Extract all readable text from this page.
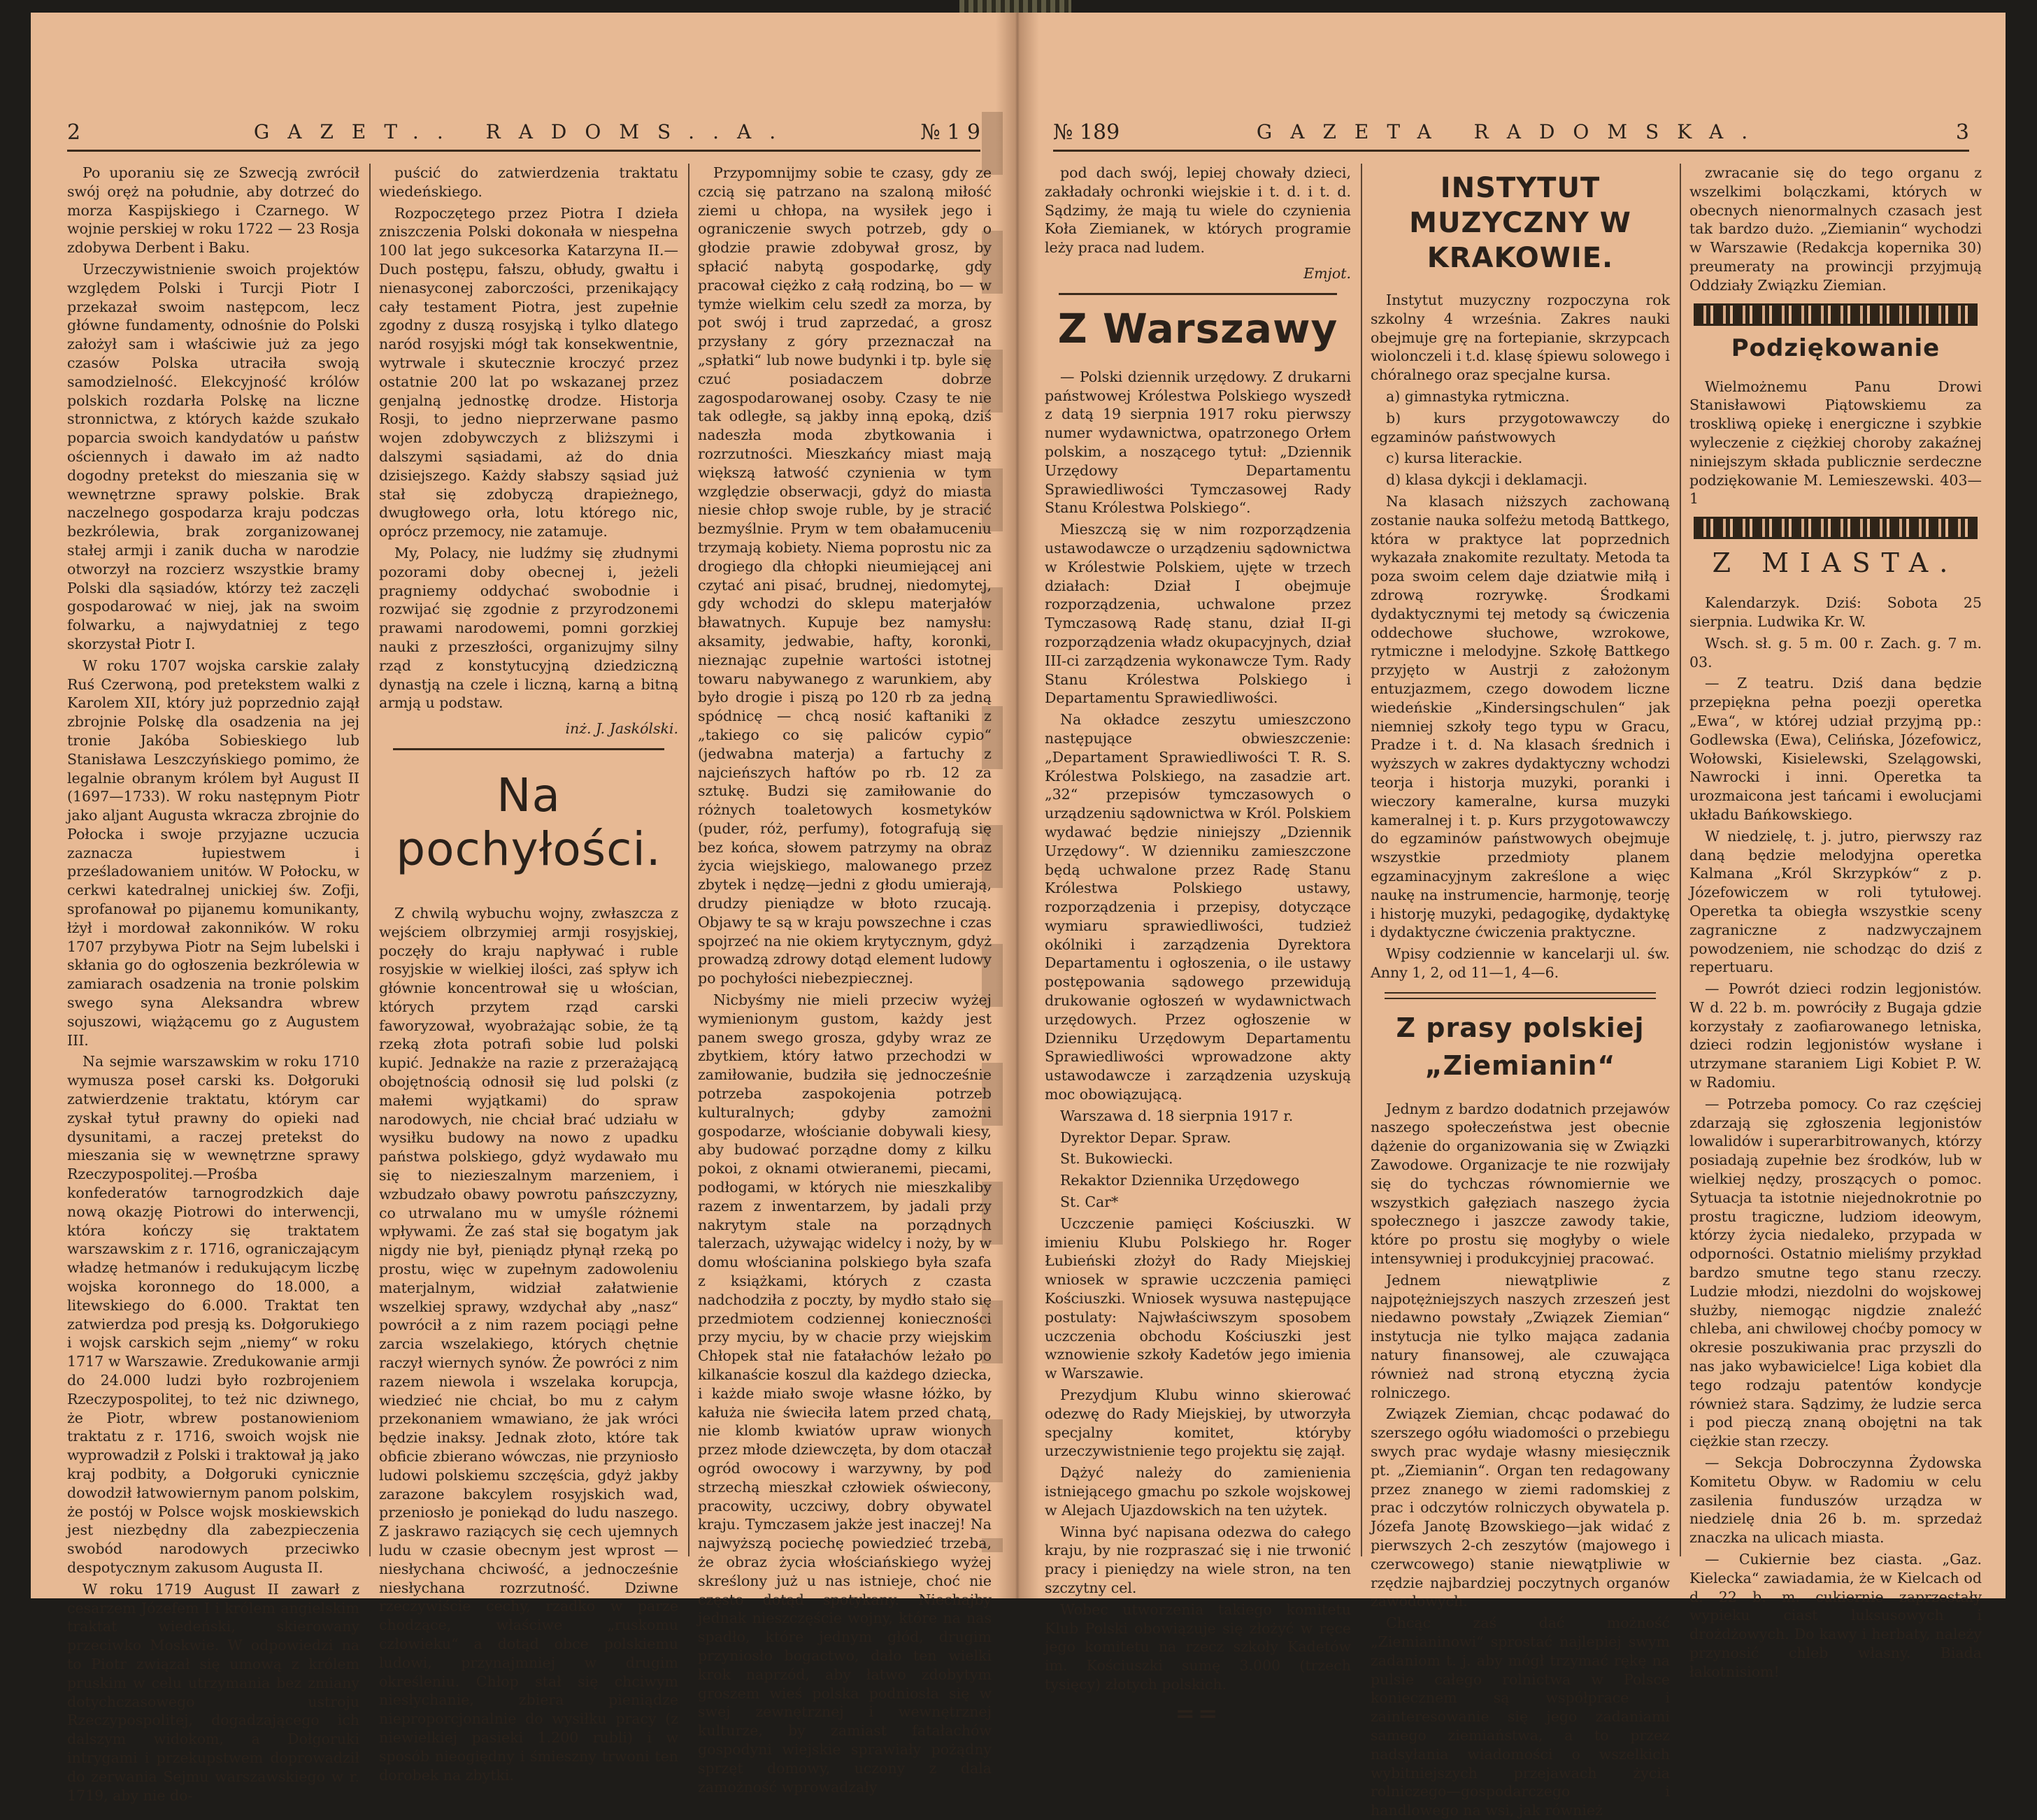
2	GAZET.. RADOMS..A.	№ 1 9

Po uporaniu się ze Szwecją zwrócił swój oręż na południe, aby dotrzeć do morza Kaspijskiego i Czarnego. W wojnie perskiej w roku 1722 — 23 Rosja zdobywa Derbent i Baku.

Urzeczywistnienie swoich projektów względem Polski i Turcji Piotr I przekazał swoim następcom, lecz główne fundamenty, odnośnie do Polski założył sam i właściwie już za jego czasów Polska utraciła swoją samodzielność. Elekcyjność królów polskich rozdarła Polskę na liczne stronnictwa, z których każde szukało poparcia swoich kandydatów u państw ościennych i dawało im aż nadto dogodny pretekst do mieszania się w wewnętrzne sprawy polskie. Brak naczelnego gospodarza kraju podczas bezkrólewia, brak zorganizowanej stałej armji i zanik ducha w narodzie otworzył na rozcierz wszystkie bramy Polski dla sąsiadów, którzy też zaczęli gospodarować w niej, jak na swoim folwarku, a najwydatniej z tego skorzystał Piotr I.

W roku 1707 wojska carskie zalały Ruś Czerwoną, pod pretekstem walki z Karolem XII, który już poprzednio zajął zbrojnie Polskę dla osadzenia na jej tronie Jakóba Sobieskiego lub Stanisława Leszczyńskiego pomimo, że legalnie obranym królem był August II (1697—1733). W roku następnym Piotr jako aljant Augusta wkracza zbrojnie do Połocka i swoje przyjazne uczucia zaznacza łupiestwem i prześladowaniem unitów. W Połocku, w cerkwi katedralnej unickiej św. Zofji, sprofanował po pijanemu komunikanty, łżył i mordował zakonników. W roku 1707 przybywa Piotr na Sejm lubelski i skłania go do ogłoszenia bezkrólewia w zamiarach osadzenia na tronie polskim swego syna Aleksandra wbrew sojuszowi, wiążącemu go z Augustem III.

Na sejmie warszawskim w roku 1710 wymusza poseł carski ks. Dołgoruki zatwierdzenie traktatu, którym car zyskał tytuł prawny do opieki nad dysunitami, a raczej pretekst do mieszania się w wewnętrzne sprawy Rzeczypospolitej.—Prośba konfederatów tarnogrodzkich daje nową okazję Piotrowi do interwencji, która kończy się traktatem warszawskim z r. 1716, ograniczającym władzę hetmanów i redukującym liczbę wojska koronnego do 18.000, a litewskiego do 6.000. Traktat ten zatwierdza pod presją ks. Dołgorukiego i wojsk carskich sejm „niemy“ w roku 1717 w Warszawie. Zredukowanie armji do 24.000 ludzi było rozbrojeniem Rzeczypospolitej, to też nic dziwnego, że Piotr, wbrew postanowieniom traktatu z r. 1716, swoich wojsk nie wyprowadził z Polski i traktował ją jako kraj podbity, a Dołgoruki cynicznie dowodził łatwowiernym panom polskim, że postój w Polsce wojsk moskiewskich jest niezbędny dla zabezpieczenia swobód narodowych przeciwko despotycznym zakusom Augusta II.

W roku 1719 August II zawarł z cesarzem Józefem I i królem angielskim traktat wiedeński, skierowany przeciwko Moskwie. W odpowiedzi na to Piotr związał się umową z królem pruskim w celu utrzymania bez zmiany dotychczasowego ustroju Rzeczypospolitej, dogadzającego ich dalszym widokom, a Dołgoruki intrygami i przekupstwem doprowadził do zerwania Sejmu warszawskiego w r. 1719, aby nie do-

puścić do zatwierdzenia traktatu wiedeńskiego.

Rozpoczętego przez Piotra I dzieła zniszczenia Polski dokonała w niespełna 100 lat jego sukcesorka Katarzyna II.—Duch postępu, fałszu, obłudy, gwałtu i nienasyconej zaborczości, przenikający cały testament Piotra, jest zupełnie zgodny z duszą rosyjską i tylko dlatego naród rosyjski mógł tak konsekwentnie, wytrwale i skutecznie kroczyć przez ostatnie 200 lat po wskazanej przez genjalną jednostkę drodze. Historja Rosji, to jedno nieprzerwane pasmo wojen zdobywczych z bliższymi i dalszymi sąsiadami, aż do dnia dzisiejszego. Każdy słabszy sąsiad już stał się zdobyczą drapieżnego, dwugłowego orła, lotu którego nic, oprócz przemocy, nie zatamuje.

My, Polacy, nie ludźmy się złudnymi pozorami doby obecnej i, jeżeli pragniemy oddychać swobodnie i rozwijać się zgodnie z przyrodzonemi prawami narodowemi, pomni gorzkiej nauki z przeszłości, organizujmy silny rząd z konstytucyjną dziedziczną dynastją na czele i liczną, karną a bitną armją u podstaw.

inż. J. Jaskólski.

Na pochyłości.

Z chwilą wybuchu wojny, zwłaszcza z wejściem olbrzymiej armji rosyjskiej, poczęły do kraju napływać i ruble rosyjskie w wielkiej ilości, zaś spływ ich głównie koncentrował się u włościan, których przytem rząd carski faworyzował, wyobrażając sobie, że tą rzeką złota potrafi sobie lud polski kupić. Jednakże na razie z przerażającą obojętnością odnosił się lud polski (z małemi wyjątkami) do spraw narodowych, nie chciał brać udziału w wysiłku budowy na nowo z upadku państwa polskiego, gdyż wydawało mu się to niezieszalnym marzeniem, i wzbudzało obawy powrotu pańszczyzny, co utrwalano mu w umyśle różnemi wpływami. Że zaś stał się bogatym jak nigdy nie był, pieniądz płynął rzeką po prostu, więc w zupełnym zadowoleniu materjalnym, widział załatwienie wszelkiej sprawy, wzdychał aby „nasz“ powrócił a z nim razem pociągi pełne zarcia wszelakiego, których chętnie raczył wiernych synów. Że powróci z nim razem niewola i wszelaka korupcja, wiedzieć nie chciał, bo mu z całym przekonaniem wmawiano, że jak wróci będzie inaksy. Jednak złoto, które tak obficie zbierano wówczas, nie przyniosło ludowi polskiemu szczęścia, gdyż jakby zarazone bakcylem rosyjskich wad, przeniosło je poniekąd do ludu naszego. Z jaskrawo raziących się cech ujemnych ludu w czasie obecnym jest wprost —niesłychana chciwość, a jednocześnie niesłychana rozrzutność. Dziwne rzeczywiście cechy, rzadko w parze chodzące, właściwe „ruskomu człowieku“ a dotąd obce polskiemu ludowi, przynajmniej w drugim określeniu. Chłop stał się chciwym niesłychanie, zbiera pieniądze nieproporcjonalnie do wysiłku pracy (z niewielkiej pasieki 1.200 rubli) i w sposób nieogiędny i śmieszny trwoni ten dorobek na zbytki.

Przypomnijmy sobie te czasy, gdy ze czcią się patrzano na szaloną miłość ziemi u chłopa, na wysiłek jego i ograniczenie swych potrzeb, gdy o głodzie prawie zdobywał grosz, by spłacić nabytą gospodarkę, gdy pracował ciężko z całą rodziną, bo — w tymże wielkim celu szedł za morza, by pot swój i trud zaprzedać, a grosz przysłany z góry przeznaczał na „spłatki“ lub nowe budynki i tp. byle się czuć posiadaczem dobrze zagospodarowanej osoby. Czasy te nie tak odległe, są jakby inną epoką, dziś nadeszła moda zbytkowania i rozrzutności. Mieszkańcy miast mają większą łatwość czynienia w tym względzie obserwacji, gdyż do miasta niesie chłop swoje ruble, by je stracić bezmyślnie. Prym w tem obałamuceniu trzymają kobiety. Niema poprostu nic za drogiego dla chłopki nieumiejącej ani czytać ani pisać, brudnej, niedomytej, gdy wchodzi do sklepu materjałów bławatnych. Kupuje bez namysłu: aksamity, jedwabie, hafty, koronki, nieznając zupełnie wartości istotnej towaru nabywanego z warunkiem, aby było drogie i piszą po 120 rb za jedną spódnicę — chcą nosić kaftaniki z „takiego co się paliców cypio“ (jedwabna materja) a fartuchy z najcieńszych haftów po rb. 12 za sztukę. Budzi się zamiłowanie do różnych toaletowych kosmetyków (puder, róż, perfumy), fotografują się bez końca, słowem patrzymy na obraz życia wiejskiego, malowanego przez zbytek i nędzę—jedni z głodu umierają, drudzy pieniądze w błoto rzucają. Objawy te są w kraju powszechne i czas spojrzeć na nie okiem krytycznym, gdyż prowadzą zdrowy dotąd element ludowy po pochyłości niebezpiecznej.

Nicbyśmy nie mieli przeciw wyżej wymienionym gustom, każdy jest panem swego grosza, gdyby wraz ze zbytkiem, który łatwo przechodzi w zamiłowanie, budziła się jednocześnie potrzeba zaspokojenia potrzeb kulturalnych; gdyby zamożni gospodarze, włościanie dobywali kiesy, aby budować porządne domy z kilku pokoi, z oknami otwieranemi, piecami, podłogami, w których nie mieszkaliby razem z inwentarzem, by jadali przy nakrytym stale na porządnych talerzach, używając widelcy i noży, by w domu włościanina polskiego była szafa z książkami, których z czasta nadchodziła z poczty, by mydło stało się przedmiotem codziennej konieczności przy myciu, by w chacie przy wiejskim Chłopek stał nie fatałachów leżało po kilkanaście koszul dla każdego dziecka, i każde miało swoje własne łóżko, by kałuża nie świeciła latem przed chatą, nie klomb kwiatów upraw wionych przez młode dziewczęta, by dom otaczał ogród owocowy i warzywny, by pod strzechą mieszkał człowiek oświecony, pracowity, uczciwy, dobry obywatel kraju. Tymczasem jakże jest inaczej! Na najwyższą pociechę powiedzieć trzeba, że obraz życia włościańskiego wyżej skreślony już u nas istnieje, choć nie często dotąd spotykany. Niechajby jednak nieszczęście wojny, które na nas spadło, które jednym głód, drugim przyniosło bogactwo, dało ten wielki krok naprzód, aby łatwo zdobytym groszem wieś polska podniosła się w swej zewnętrznej i wewnętrznej kulturze, by zamiast fatałachów gospodyni wiejskie sprawiały pożądny sprzęt domowy, uczony z dala zamożność wprowadzały

№ 189	GAZETA RADOMSKA.	3

pod dach swój, lepiej chowały dzieci, zakładały ochronki wiejskie i t. d. i t. d. Sądzimy, że mają tu wiele do czynienia Koła Ziemianek, w których programie leży praca nad ludem.

Emjot.

Z Warszawy

— Polski dziennik urzędowy. Z drukarni państwowej Królestwa Polskiego wyszedł z datą 19 sierpnia 1917 roku pierwszy numer wydawnictwa, opatrzonego Orłem polskim, a noszącego tytuł: „Dziennik Urzędowy Departamentu Sprawiedliwości Tymczasowej Rady Stanu Królestwa Polskiego“.

Mieszczą się w nim rozporządzenia ustawodawcze o urządzeniu sądownictwa w Królestwie Polskiem, ujęte w trzech działach: Dział I obejmuje rozporządzenia, uchwalone przez Tymczasową Radę stanu, dział II-gi rozporządzenia władz okupacyjnych, dział III-ci zarządzenia wykonawcze Tym. Rady Stanu Królestwa Polskiego i Departamentu Sprawiedliwości.

Na okładce zeszytu umieszczono następujące obwieszczenie: „Departament Sprawiedliwości T. R. S. Królestwa Polskiego, na zasadzie art. „32“ przepisów tymczasowych o urządzeniu sądownictwa w Król. Polskiem wydawać będzie niniejszy „Dziennik Urzędowy“. W dzienniku zamieszczone będą uchwalone przez Radę Stanu Królestwa Polskiego ustawy, rozporządzenia i przepisy, dotyczące wymiaru sprawiedliwości, tudzież okólniki i zarządzenia Dyrektora Departamentu i ogłoszenia, o ile ustawy postępowania sądowego przewidują drukowanie ogłoszeń w wydawnictwach urzędowych. Przez ogłoszenie w Dzienniku Urzędowym Departamentu Sprawiedliwości wprowadzone akty ustawodawcze i zarządzenia uzyskują moc obowiązującą.

Warszawa d. 18 sierpnia 1917 r.

Dyrektor Depar. Spraw.

St. Bukowiecki.

Rekaktor Dziennika Urzędowego

St. Car*

Uczczenie pamięci Kościuszki. W imieniu Klubu Polskiego hr. Roger Łubieński złożył do Rady Miejskiej wniosek w sprawie uczczenia pamięci Kościuszki. Wniosek wysuwa następujące postulaty: Najwłaściwszym sposobem uczczenia obchodu Kościuszki jest wznowienie szkoły Kadetów jego imienia w Warszawie.

Prezydjum Klubu winno skierować odezwę do Rady Miejskiej, by utworzyła specjalny komitet, któryby urzeczywistnienie tego projektu się zajął.

Dążyć należy do zamienienia istniejącego gmachu po szkole wojskowej w Alejach Ujazdowskich na ten użytek.

Winna być napisana odezwa do całego kraju, by nie rozpraszać się i nie trwonić pracy i pieniędzy na wiele stron, na ten szczytny cel.

Wobec utworzenia takiego komitetu Klub Polski obowiązuje się złożyć w ręce jego komitetu na rzecz szkoły Kadetów im. Kościuszki sumę 3.000 (trzech tysięcy) złotych polskich.

==
INSTYTUT MUZYCZNY W KRAKOWIE.

Instytut muzyczny rozpoczyna rok szkolny 4 września. Zakres nauki obejmuje grę na fortepianie, skrzypcach wiolonczeli i t.d. klasę śpiewu solowego i chóralnego oraz specjalne kursa.

a) gimnastyka rytmiczna.

b) kurs przygotowawczy do egzaminów państwowych

c) kursa literackie.

d) klasa dykcji i deklamacji.

Na klasach niższych zachowaną zostanie nauka solfeżu metodą Battkego, która w praktyce lat poprzednich wykazała znakomite rezultaty. Metoda ta poza swoim celem daje dziatwie miłą i zdrową rozrywkę. Środkami dydaktycznymi tej metody są ćwiczenia oddechowe słuchowe, wzrokowe, rytmiczne i melodyjne. Szkołę Battkego przyjęto w Austrji z założonym entuzjazmem, czego dowodem liczne wiedeńskie „Kindersingschulen“ jak niemniej szkoły tego typu w Gracu, Pradze i t. d. Na klasach średnich i wyższych w zakres dydaktyczny wchodzi teorja i historja muzyki, poranki i wieczory kameralne, kursa muzyki kameralnej i t. p. Kurs przygotowawczy do egzaminów państwowych obejmuje wszystkie przedmioty planem egzaminacyjnym zakreślone a więc naukę na instrumencie, harmonję, teorję i historję muzyki, pedagogikę, dydaktykę i dydaktyczne ćwiczenia praktyczne.

Wpisy codziennie w kancelarji ul. św. Anny 1, 2, od 11—1, 4—6.

Z prasy polskiej „Ziemianin“

Jednym z bardzo dodatnich przejawów naszego społeczeństwa jest obecnie dążenie do organizowania się w Związki Zawodowe. Organizacje te nie rozwijały się do tychczas równomiernie we wszystkich gałęziach naszego życia społecznego i jaszcze zawody takie, które po prostu się mogłyby o wiele intensywniej i produkcyjniej pracować.

Jednem niewątpliwie z najpotężniejszych naszych zrzeszeń jest niedawno powstały „Związek Ziemian“ instytucja nie tylko mająca zadania natury finansowej, ale czuwająca również nad stroną etyczną życia rolniczego.

Związek Ziemian, chcąc podawać do szerszego ogółu wiadomości o przebiegu swych prac wydaje własny miesięcznik pt. „Ziemianin“. Organ ten redagowany przez znanego w ziemi radomskiej z prac i odczytów rolniczych obywatela p. Józefa Janotę Bzowskiego—jak widać z pierwszych 2-ch zeszytów (majowego i czerwcowego) stanie niewątpliwie w rzędzie najbardziej poczytnych organów zawodowych.

Chcąc zaś dać możność „Ziemianinowi“ sprostać najlepiej swym zadaniom t. j. aby mógł trzymać rękę na pulsie całego rolnictwa w Polsce koniecznem są współprace i zainteresowanie się jego zadaniami samego ziemiaństwa, a to przez nadsyłania wiadomości o wszelkich wybitniejszych przejawach życia rolniczego—gospodarczego i handlowego na wsi, jak również

zwracanie się do tego organu z wszelkimi bolączkami, których w obecnych nienormalnych czasach jest tak bardzo dużo. „Ziemianin“ wychodzi w Warszawie (Redakcja kopernika 30) preumeraty na prowincji przyjmują Oddziały Związku Ziemian.

Podziękowanie

Wielmożnemu Panu Drowi Stanisławowi Piątowskiemu za troskliwą opiekę i energiczne i szybkie wyleczenie z ciężkiej choroby zakaźnej niniejszym składa publicznie serdeczne podziękowanie M. Lemieszewski. 403—1

Z MIASTA.

Kalendarzyk. Dziś: Sobota 25 sierpnia. Ludwika Kr. W.

Wsch. sł. g. 5 m. 00 r. Zach. g. 7 m. 03.

— Z teatru. Dziś dana będzie przepiękna pełna poezji operetka „Ewa“, w której udział przyjmą pp.: Godlewska (Ewa), Celińska, Józefowicz, Wołowski, Kisielewski, Szelągowski, Nawrocki i inni. Operetka ta urozmaicona jest tańcami i ewolucjami układu Bańkowskiego.

W niedzielę, t. j. jutro, pierwszy raz daną będzie melodyjna operetka Kalmana „Król Skrzypków“ z p. Józefowiczem w roli tytułowej. Operetka ta obiegła wszystkie sceny zagraniczne z nadzwyczajnem powodzeniem, nie schodząc do dziś z repertuaru.

— Powrót dzieci rodzin legjonistów. W d. 22 b. m. powróciły z Bugaja gdzie korzystały z zaofiarowanego letniska, dzieci rodzin legjonistów wysłane i utrzymane staraniem Ligi Kobiet P. W. w Radomiu.

— Potrzeba pomocy. Co raz częściej zdarzają się zgłoszenia legjonistów lowalidów i superarbitrowanych, którzy posiadają zupełnie bez środków, lub w wielkiej nędzy, proszących o pomoc. Sytuacja ta istotnie niejednokrotnie po prostu tragiczne, ludziom ideowym, którzy życia niedaleko, przypada w odporności. Ostatnio mieliśmy przykład bardzo smutne tego stanu rzeczy. Ludzie młodzi, niezdolni do wojskowej służby, niemogąc nigdzie znaleźć chleba, ani chwilowej choćby pomocy w okresie poszukiwania prac przyszli do nas jako wybawicielce! Liga kobiet dla tego rodzaju patentów kondycje również stara. Sądzimy, że ludzie serca i pod pieczą znaną obojętni na tak ciężkie stan rzeczy.

— Sekcja Dobroczynna Żydowska Komitetu Obyw. w Radomiu w celu zasilenia funduszów urządza w niedzielę dnia 26 b. m. sprzedaż znaczka na ulicach miasta.

— Cukiernie bez ciasta. „Gaz. Kielecka“ zawiadamia, że w Kielcach od d. 22 b. m. cukiernie zaprzestały wypieku ciast luksusowych i drożdżowych. Do kawy i herbaty, należy przynosić chleb własny. Biada łakotnisiom!
